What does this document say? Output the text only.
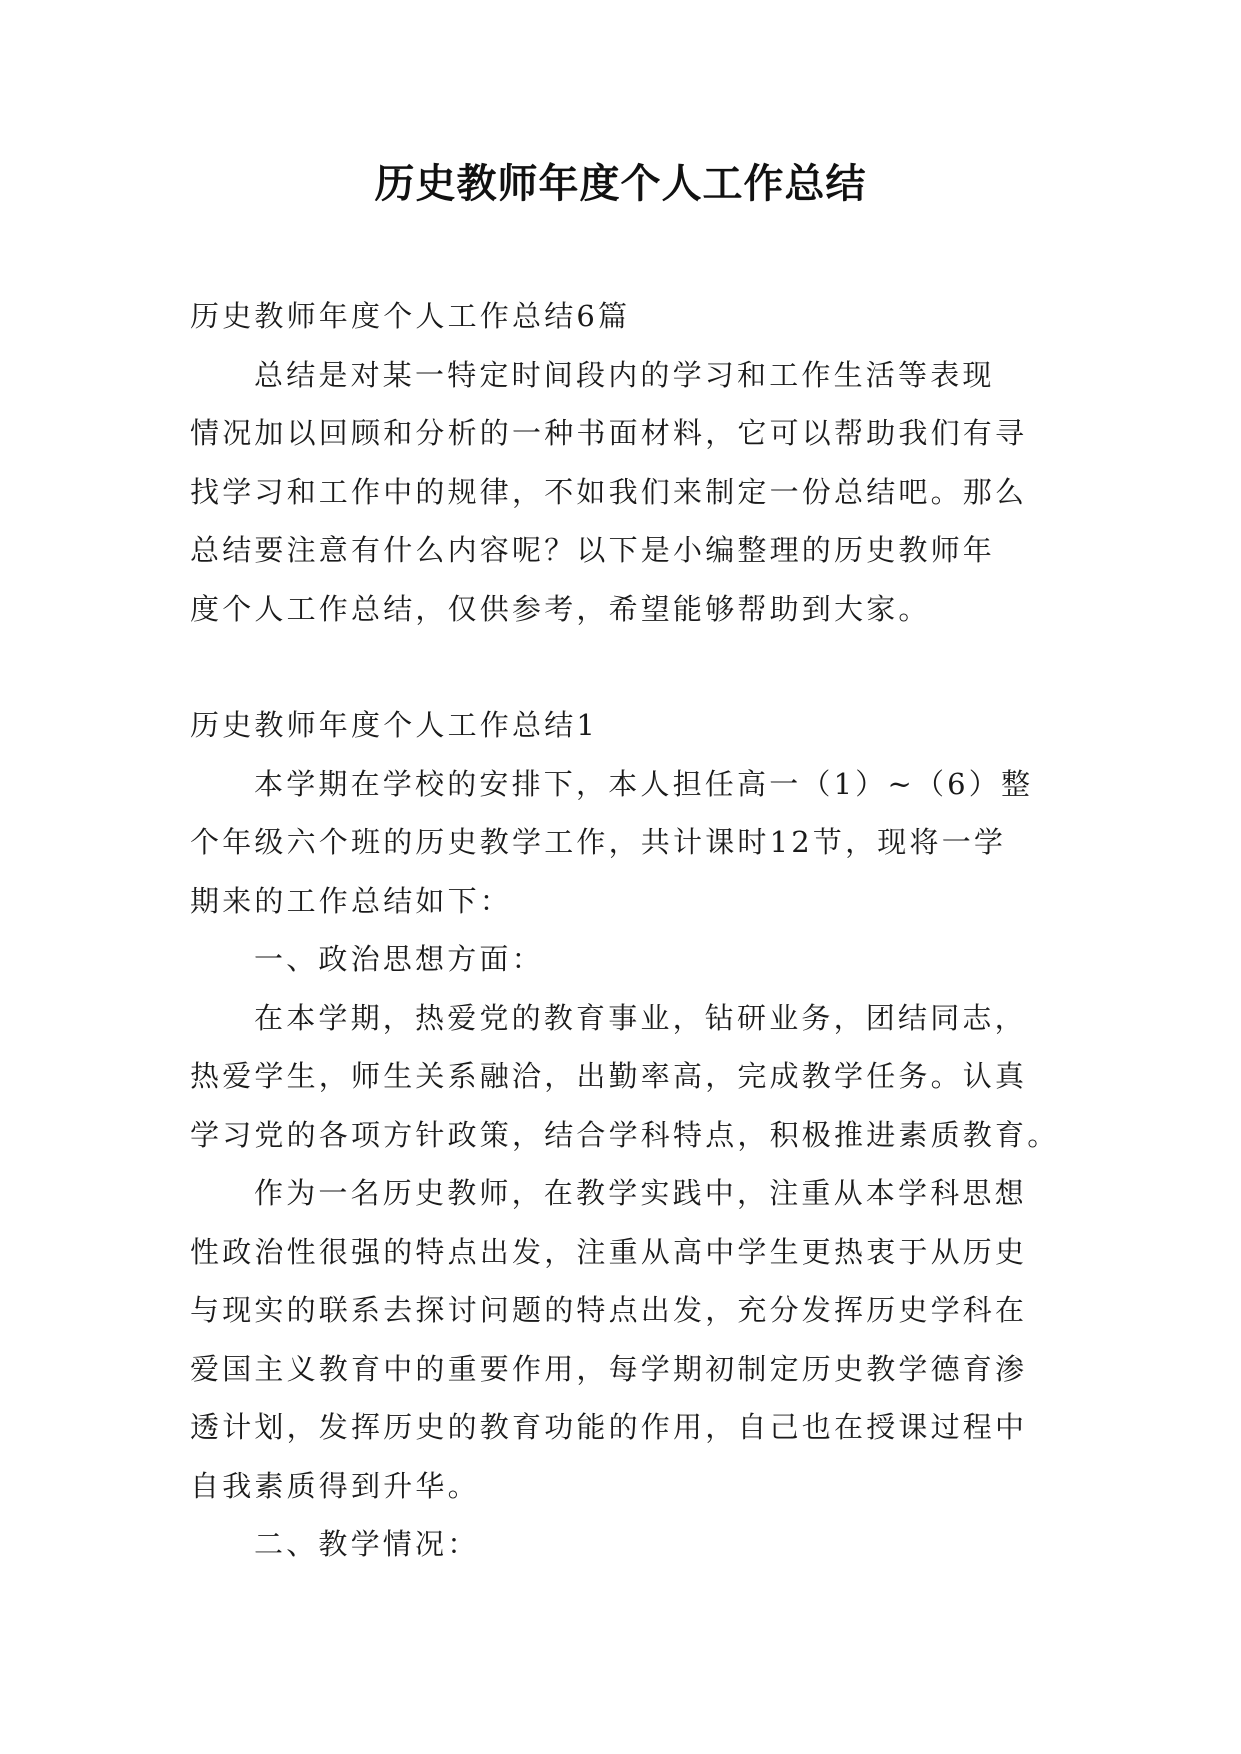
历史教师年度个人工作总结

历史教师年度个人工作总结6篇

总结是对某一特定时间段内的学习和工作生活等表现

情况加以回顾和分析的一种书面材料，它可以帮助我们有寻

找学习和工作中的规律，不如我们来制定一份总结吧。那么

总结要注意有什么内容呢？以下是小编整理的历史教师年

度个人工作总结，仅供参考，希望能够帮助到大家。

历史教师年度个人工作总结1

本学期在学校的安排下，本人担任高一（1）~（6）整

个年级六个班的历史教学工作，共计课时12节，现将一学

期来的工作总结如下：

一、政治思想方面：

在本学期，热爱党的教育事业，钻研业务，团结同志，

热爱学生，师生关系融洽，出勤率高，完成教学任务。认真

学习党的各项方针政策，结合学科特点，积极推进素质教育。

作为一名历史教师，在教学实践中，注重从本学科思想

性政治性很强的特点出发，注重从高中学生更热衷于从历史

与现实的联系去探讨问题的特点出发，充分发挥历史学科在

爱国主义教育中的重要作用，每学期初制定历史教学德育渗

透计划，发挥历史的教育功能的作用，自己也在授课过程中

自我素质得到升华。

二、教学情况：
